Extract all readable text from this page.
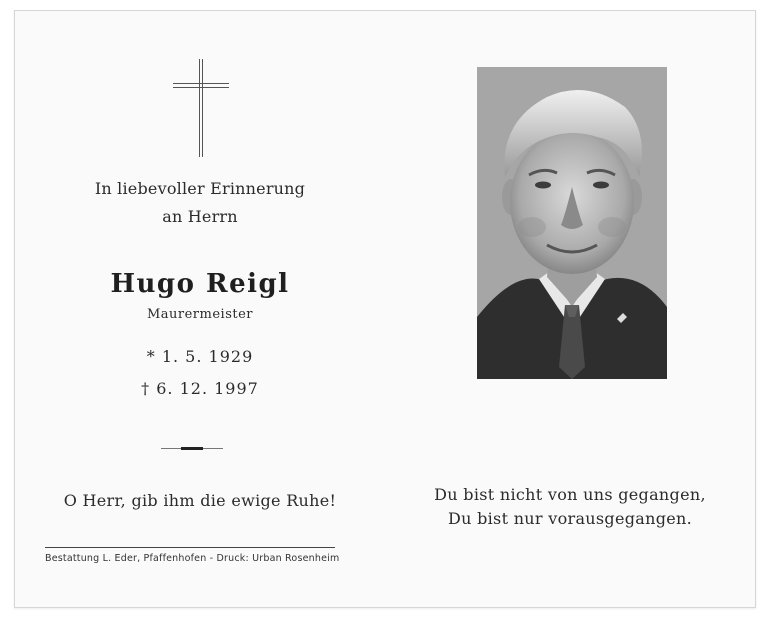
In liebevoller Erinnerung
an Herrn
Hugo Reigl
Maurermeister
* 1. 5. 1929
† 6. 12. 1997
O Herr, gib ihm die ewige Ruhe!
Bestattung L. Eder, Pfaffenhofen - Druck: Urban Rosenheim
Du bist nicht von uns gegangen,
Du bist nur vorausgegangen.
